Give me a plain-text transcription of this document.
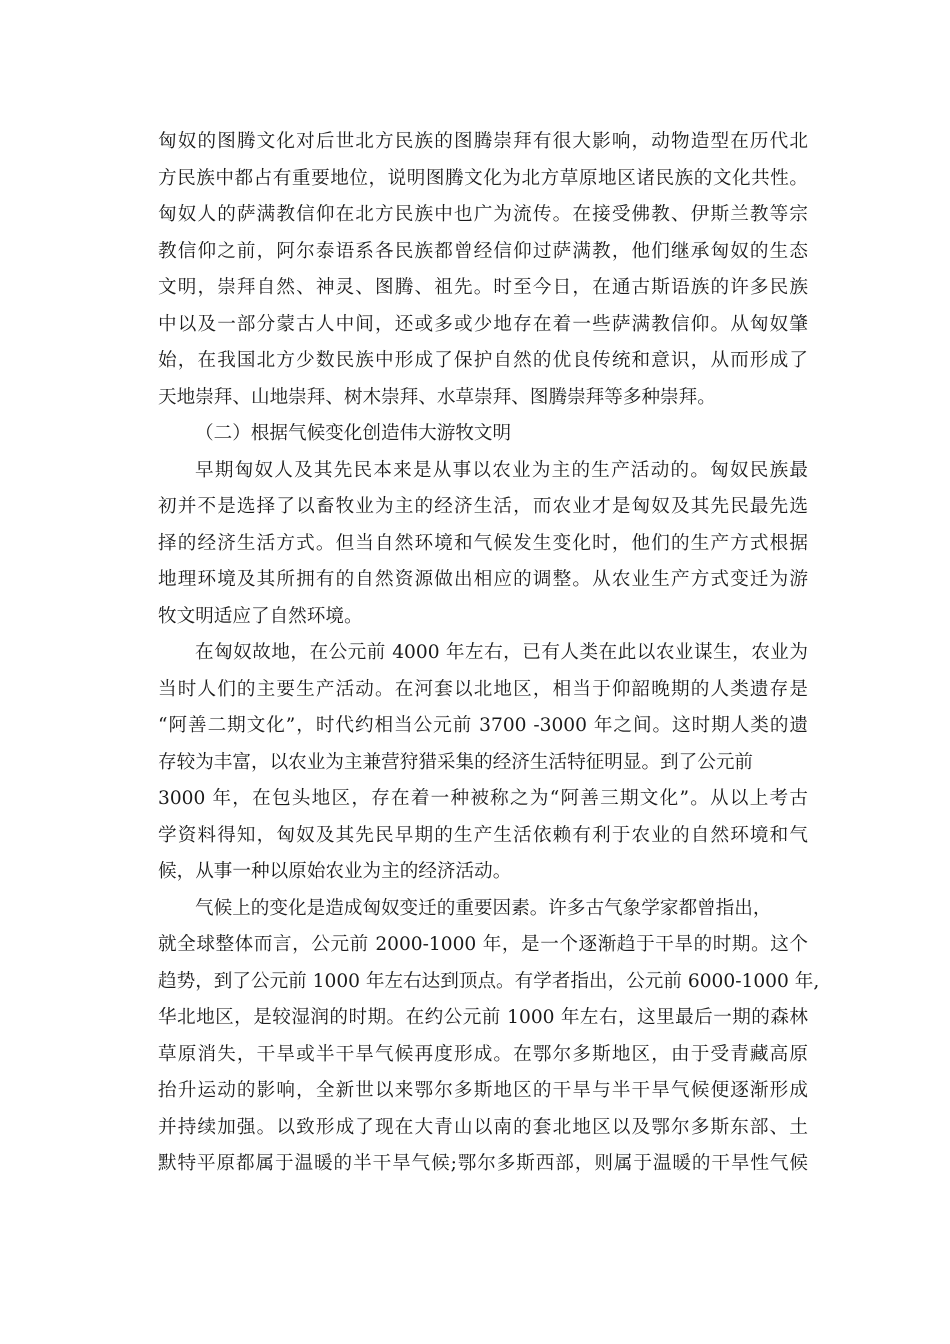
匈奴的图腾文化对后世北方民族的图腾崇拜有很大影响，动物造型在历代北
方民族中都占有重要地位，说明图腾文化为北方草原地区诸民族的文化共性。
匈奴人的萨满教信仰在北方民族中也广为流传。在接受佛教、伊斯兰教等宗
教信仰之前，阿尔泰语系各民族都曾经信仰过萨满教，他们继承匈奴的生态
文明，崇拜自然、神灵、图腾、祖先。时至今日，在通古斯语族的许多民族
中以及一部分蒙古人中间，还或多或少地存在着一些萨满教信仰。从匈奴肇
始，在我国北方少数民族中形成了保护自然的优良传统和意识，从而形成了
天地崇拜、山地崇拜、树木崇拜、水草崇拜、图腾崇拜等多种崇拜。
（二）根据气候变化创造伟大游牧文明
早期匈奴人及其先民本来是从事以农业为主的生产活动的。匈奴民族最
初并不是选择了以畜牧业为主的经济生活，而农业才是匈奴及其先民最先选
择的经济生活方式。但当自然环境和气候发生变化时，他们的生产方式根据
地理环境及其所拥有的自然资源做出相应的调整。从农业生产方式变迁为游
牧文明适应了自然环境。
在匈奴故地，在公元前 4000 年左右，已有人类在此以农业谋生，农业为
当时人们的主要生产活动。在河套以北地区，相当于仰韶晚期的人类遗存是
“阿善二期文化”，时代约相当公元前 3700 -3000 年之间。这时期人类的遗
存较为丰富，以农业为主兼营狩猎采集的经济生活特征明显。到了公元前
3000 年，在包头地区，存在着一种被称之为“阿善三期文化”。从以上考古
学资料得知，匈奴及其先民早期的生产生活依赖有利于农业的自然环境和气
候，从事一种以原始农业为主的经济活动。
气候上的变化是造成匈奴变迁的重要因素。许多古气象学家都曾指出，
就全球整体而言，公元前 2000-1000 年，是一个逐渐趋于干旱的时期。这个
趋势，到了公元前 1000 年左右达到顶点。有学者指出，公元前 6000-1000 年,
华北地区，是较湿润的时期。在约公元前 1000 年左右，这里最后一期的森林
草原消失，干旱或半干旱气候再度形成。在鄂尔多斯地区，由于受青藏高原
抬升运动的影响，全新世以来鄂尔多斯地区的干旱与半干旱气候便逐渐形成
并持续加强。以致形成了现在大青山以南的套北地区以及鄂尔多斯东部、土
默特平原都属于温暖的半干旱气候;鄂尔多斯西部，则属于温暖的干旱性气候
